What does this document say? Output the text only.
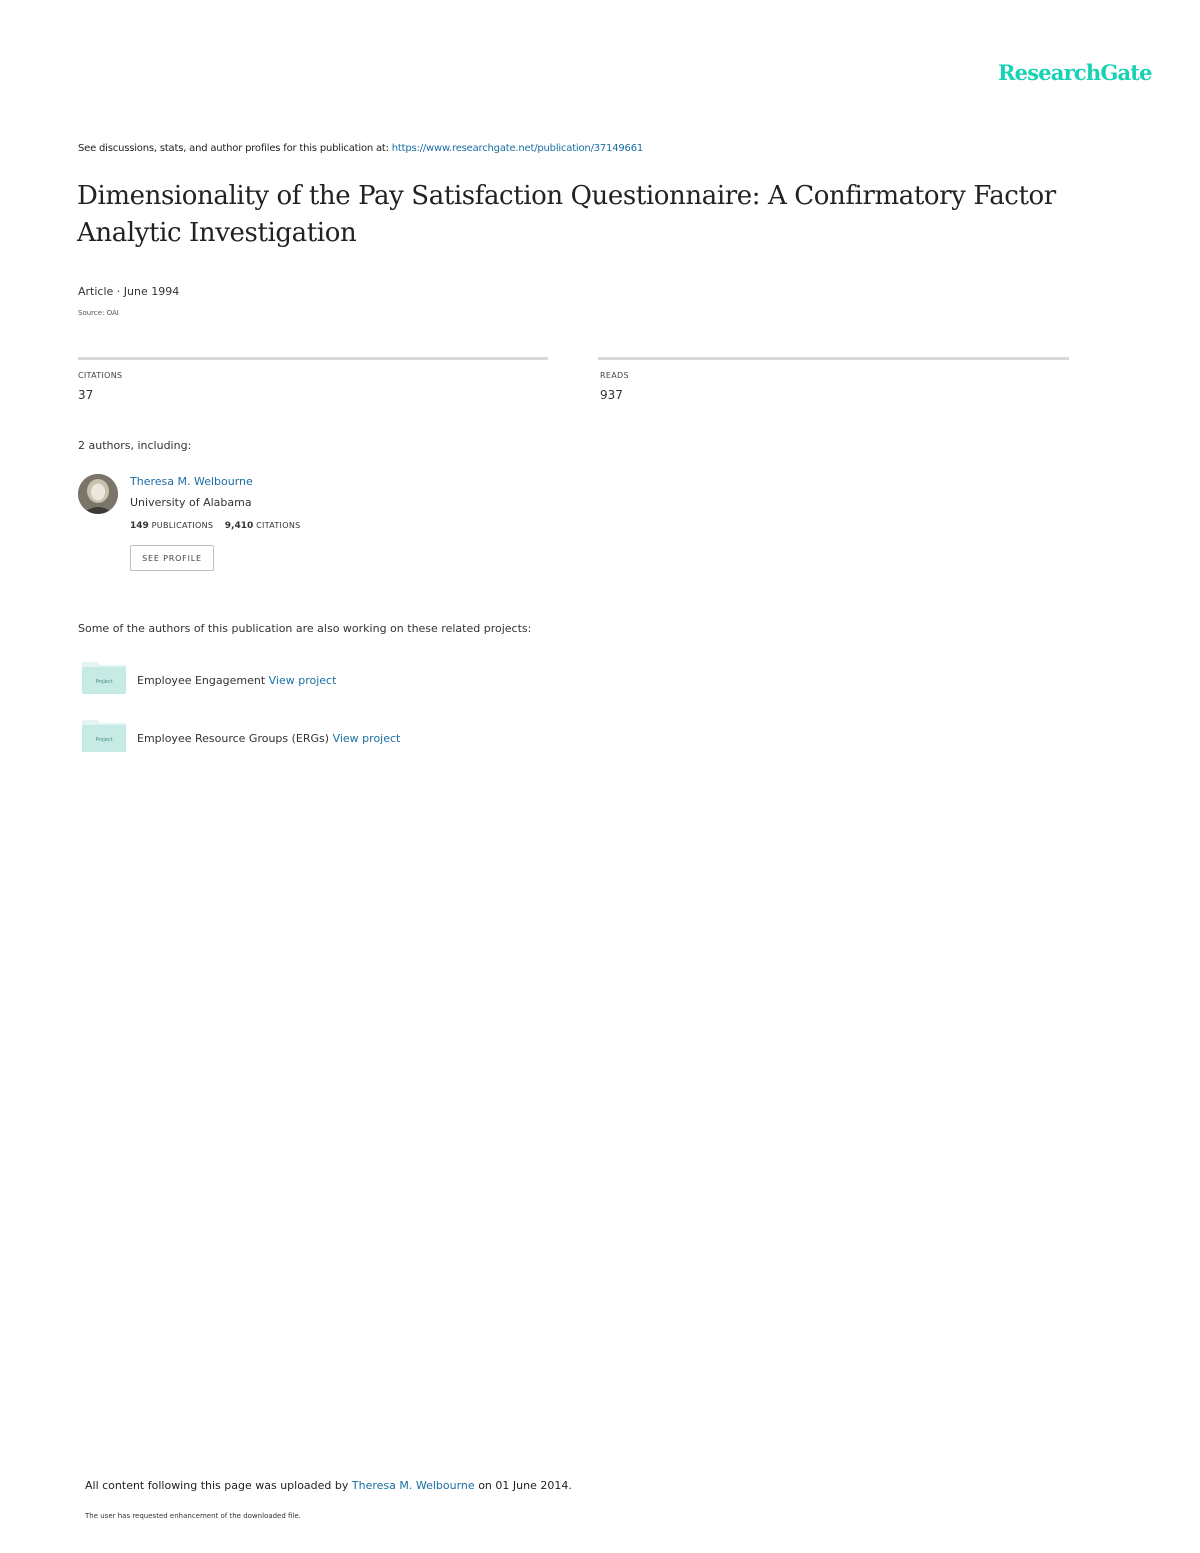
ResearchGate
See discussions, stats, and author profiles for this publication at: https://www.researchgate.net/publication/37149661
Dimensionality of the Pay Satisfaction Questionnaire: A Confirmatory Factor Analytic Investigation
Article · June 1994
Source: OAI
CITATIONS
37
READS
937
2 authors, including:
Theresa M. Welbourne
University of Alabama
149 PUBLICATIONS 9,410 CITATIONS
SEE PROFILE
Some of the authors of this publication are also working on these related projects:
Project Employee Engagement View project
Project Employee Resource Groups (ERGs) View project
All content following this page was uploaded by Theresa M. Welbourne on 01 June 2014.
The user has requested enhancement of the downloaded file.
